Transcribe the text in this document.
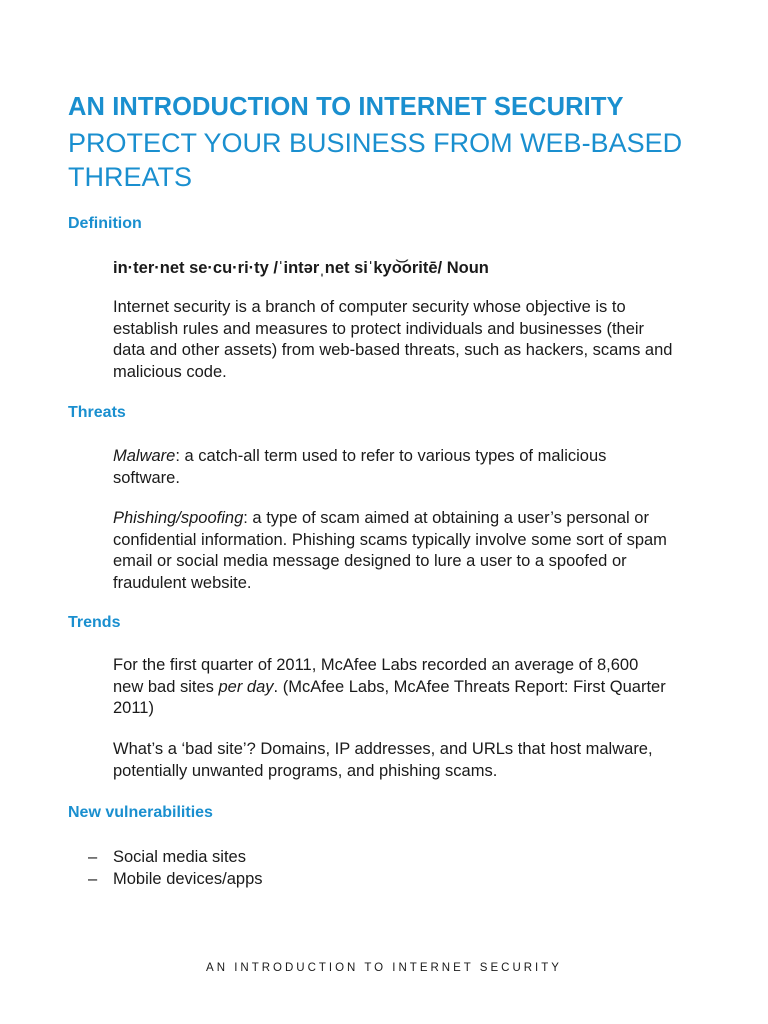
AN INTRODUCTION TO INTERNET SECURITY
PROTECT YOUR BUSINESS FROM WEB-BASED THREATS
Definition
in·ter·net se·cu·ri·ty /ˈintərˌnet siˈkyo͝oritē/ Noun
Internet security is a branch of computer security whose objective is to establish rules and measures to protect individuals and businesses (their data and other assets) from web-based threats, such as hackers, scams and malicious code.
Threats
Malware: a catch-all term used to refer to various types of malicious software.
Phishing/spoofing: a type of scam aimed at obtaining a user’s personal or confidential information. Phishing scams typically involve some sort of spam email or social media message designed to lure a user to a spoofed or fraudulent website.
Trends
For the first quarter of 2011, McAfee Labs recorded an average of 8,600 new bad sites per day. (McAfee Labs, McAfee Threats Report: First Quarter 2011)
What’s a ‘bad site’? Domains, IP addresses, and URLs that host malware, potentially unwanted programs, and phishing scams.
New vulnerabilities
– Social media sites
– Mobile devices/apps
AN INTRODUCTION TO INTERNET SECURITY
